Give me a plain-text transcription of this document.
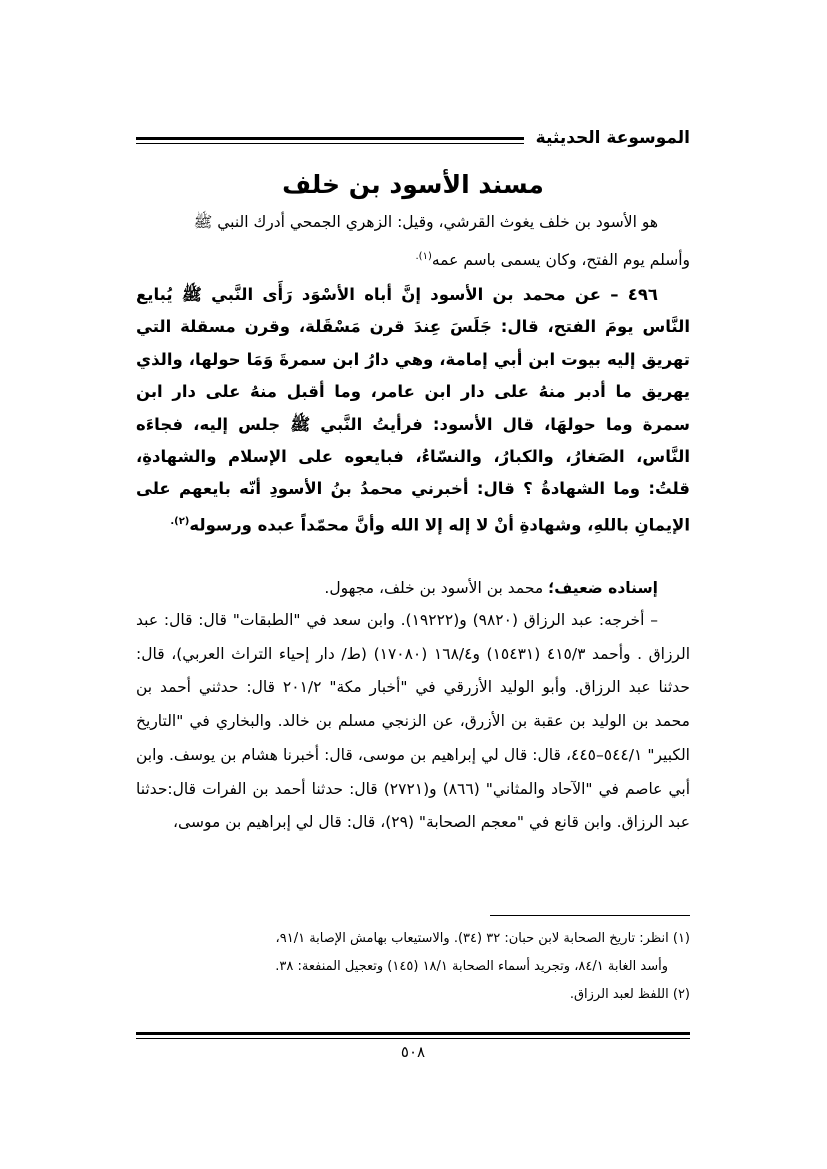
الموسوعة الحديثية
مسند الأسود بن خلف
هو الأسود بن خلف يغوث القرشي، وقيل: الزهري الجمحي أدرك النبي ﷺ
وأسلم يوم الفتح، وكان يسمى باسم عمه$^{(١).}$
٤٩٦ – عن محمد بن الأسود إنَّ أباه الأسْوَد رَأَى النَّبي ﷺ يُبايع النَّاس يومَ الفتح، قال: جَلَسَ عِندَ قرن مَسْقَلة، وقرن مسقلة التي تهريق إليه بيوت ابن أبي إمامة، وهي دارُ ابن سمرةَ وَمَا حولها، والذي يهريق ما أدبر منهُ على دار ابن عامر، وما أقبل منهُ على دار ابن سمرة وما حولهَا، قال الأسود: فرأيتُ النَّبي ﷺ جلس إليه، فجاءَه النَّاس، الصَغارُ، والكبارُ، والنسّاءُ، فبايعوه على الإسلام والشهادةِ، قلتُ: وما الشهادةُ ؟ قال: أخبرني محمدُ بنُ الأسودِ أنّه بايعهم على الإيمانِ باللهِ، وشهادةِ أنْ لا إله إلا الله وأنَّ محمّداً عبده ورسوله$^{(٢).}$
إسناده ضعيف؛ محمد بن الأسود بن خلف، مجهول.
– أخرجه: عبد الرزاق (٩٨٢٠) و(١٩٢٢٢). وابن سعد في "الطبقات" قال: قال: عبد الرزاق . وأحمد ٤١٥/٣ (١٥٤٣١) و١٦٨/٤ (١٧٠٨٠) (ط/ دار إحياء التراث العربي)، قال: حدثنا عبد الرزاق. وأبو الوليد الأزرقي في "أخبار مكة" ٢٠١/٢ قال: حدثني أحمد بن محمد بن الوليد بن عقبة بن الأزرق، عن الزنجي مسلم بن خالد. والبخاري في "التاريخ الكبير" ٥٤٤/١–٤٤٥، قال: قال لي إبراهيم بن موسى، قال: أخبرنا هشام بن يوسف. وابن أبي عاصم في "الآحاد والمثاني" (٨٦٦) و(٢٧٢١) قال: حدثنا أحمد بن الفرات قال:حدثنا عبد الرزاق. وابن قانع في "معجم الصحابة" (٢٩)، قال: قال لي إبراهيم بن موسى،
(١) انظر: تاريخ الصحابة لابن حبان: ٣٢ (٣٤). والاستيعاب بهامش الإصابة ٩١/١،
وأسد الغابة ٨٤/١، وتجريد أسماء الصحابة ١٨/١ (١٤٥) وتعجيل المنفعة: ٣٨.
(٢) اللفظ لعبد الرزاق.
٥٠٨
